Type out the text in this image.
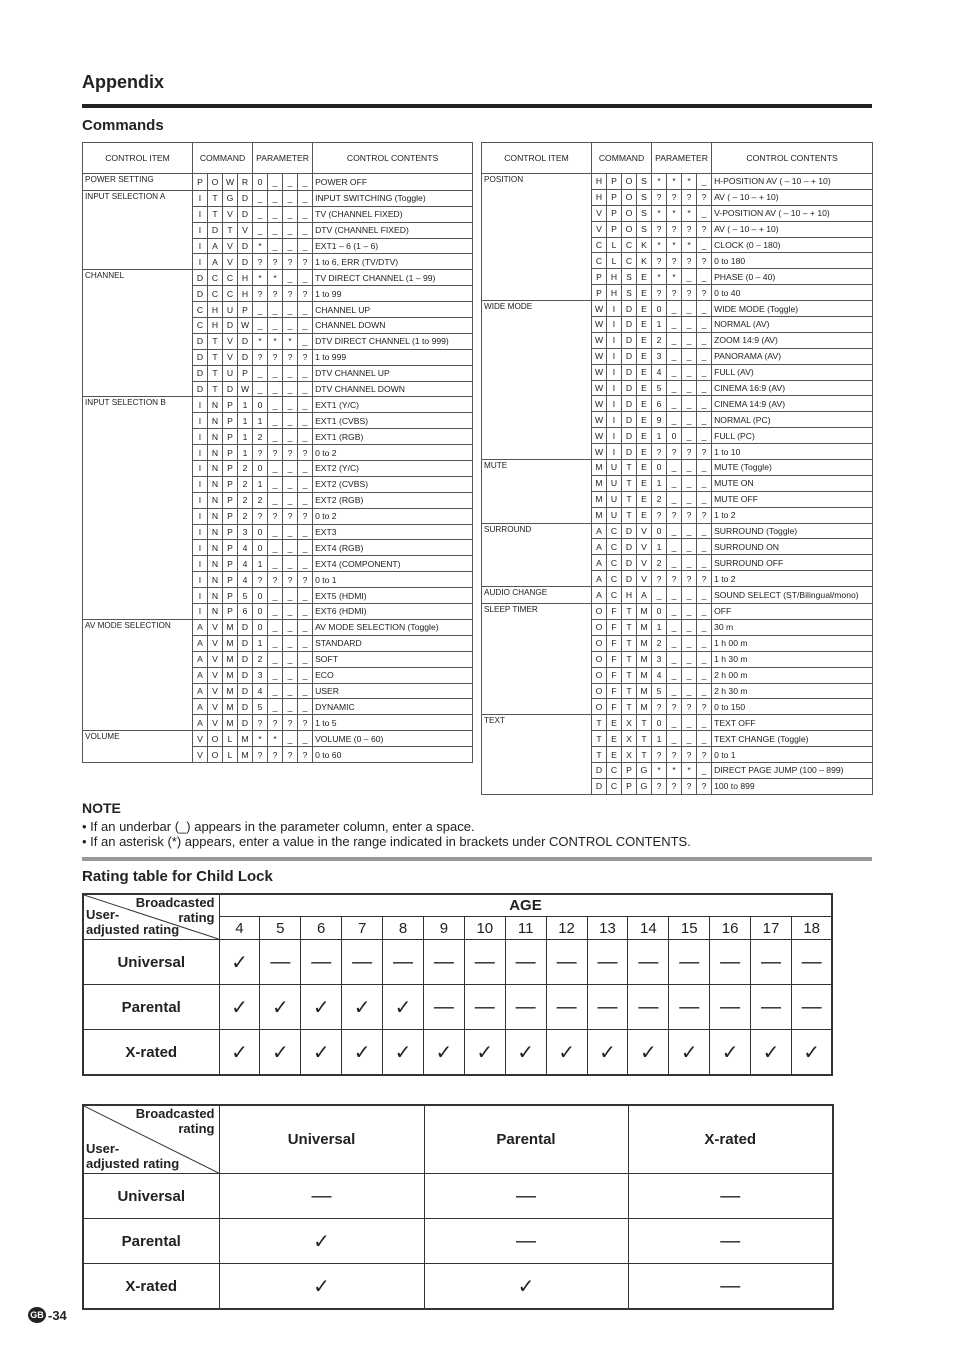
Appendix
Commands
CONTROL ITEM	COMMAND				PARAMETER				CONTROL CONTENTS
POWER SETTING	P	O	W	R	0	_	_	_	POWER OFF
INPUT SELECTION A	I	T	G	D	_	_	_	_	INPUT SWITCHING (Toggle)
	I	T	V	D	_	_	_	_	TV (CHANNEL FIXED)
	I	D	T	V	_	_	_	_	DTV (CHANNEL FIXED)
	I	A	V	D	*	_	_	_	EXT1 – 6 (1 – 6)
	I	A	V	D	?	?	?	?	1 to 6, ERR (TV/DTV)
CHANNEL	D	C	C	H	*	*	_	_	TV DIRECT CHANNEL (1 – 99)
	D	C	C	H	?	?	?	?	1 to 99
	C	H	U	P	_	_	_	_	CHANNEL UP
	C	H	D	W	_	_	_	_	CHANNEL DOWN
	D	T	V	D	*	*	*	_	DTV DIRECT CHANNEL (1 to 999)
	D	T	V	D	?	?	?	?	1 to 999
	D	T	U	P	_	_	_	_	DTV CHANNEL UP
	D	T	D	W	_	_	_	_	DTV CHANNEL DOWN
INPUT SELECTION B	I	N	P	1	0	_	_	_	EXT1 (Y/C)
	I	N	P	1	1	_	_	_	EXT1 (CVBS)
	I	N	P	1	2	_	_	_	EXT1 (RGB)
	I	N	P	1	?	?	?	?	0 to 2
	I	N	P	2	0	_	_	_	EXT2 (Y/C)
	I	N	P	2	1	_	_	_	EXT2 (CVBS)
	I	N	P	2	2	_	_	_	EXT2 (RGB)
	I	N	P	2	?	?	?	?	0 to 2
	I	N	P	3	0	_	_	_	EXT3
	I	N	P	4	0	_	_	_	EXT4 (RGB)
	I	N	P	4	1	_	_	_	EXT4 (COMPONENT)
	I	N	P	4	?	?	?	?	0 to 1
	I	N	P	5	0	_	_	_	EXT5 (HDMI)
	I	N	P	6	0	_	_	_	EXT6 (HDMI)
AV MODE SELECTION	A	V	M	D	0	_	_	_	AV MODE SELECTION (Toggle)
	A	V	M	D	1	_	_	_	STANDARD
	A	V	M	D	2	_	_	_	SOFT
	A	V	M	D	3	_	_	_	ECO
	A	V	M	D	4	_	_	_	USER
	A	V	M	D	5	_	_	_	DYNAMIC
	A	V	M	D	?	?	?	?	1 to 5
VOLUME	V	O	L	M	*	*	_	_	VOLUME (0 – 60)
	V	O	L	M	?	?	?	?	0 to 60
CONTROL ITEM	COMMAND				PARAMETER				CONTROL CONTENTS
POSITION	H	P	O	S	*	*	*	_	H-POSITION AV ( – 10 – + 10)
	H	P	O	S	?	?	?	?	AV ( – 10 – + 10)
	V	P	O	S	*	*	*	_	V-POSITION AV ( – 10 – + 10)
	V	P	O	S	?	?	?	?	AV ( – 10 – + 10)
	C	L	C	K	*	*	*	_	CLOCK (0 – 180)
	C	L	C	K	?	?	?	?	0 to 180
	P	H	S	E	*	*	_	_	PHASE (0 – 40)
	P	H	S	E	?	?	?	?	0 to 40
WIDE MODE	W	I	D	E	0	_	_	_	WIDE MODE (Toggle)
	W	I	D	E	1	_	_	_	NORMAL (AV)
	W	I	D	E	2	_	_	_	ZOOM 14:9 (AV)
	W	I	D	E	3	_	_	_	PANORAMA (AV)
	W	I	D	E	4	_	_	_	FULL (AV)
	W	I	D	E	5	_	_	_	CINEMA 16:9 (AV)
	W	I	D	E	6	_	_	_	CINEMA 14:9 (AV)
	W	I	D	E	9	_	_	_	NORMAL (PC)
	W	I	D	E	1	0	_	_	FULL (PC)
	W	I	D	E	?	?	?	?	1 to 10
MUTE	M	U	T	E	0	_	_	_	MUTE (Toggle)
	M	U	T	E	1	_	_	_	MUTE ON
	M	U	T	E	2	_	_	_	MUTE OFF
	M	U	T	E	?	?	?	?	1 to 2
SURROUND	A	C	D	V	0	_	_	_	SURROUND (Toggle)
	A	C	D	V	1	_	_	_	SURROUND ON
	A	C	D	V	2	_	_	_	SURROUND OFF
	A	C	D	V	?	?	?	?	1 to 2
AUDIO CHANGE	A	C	H	A	_	_	_	_	SOUND SELECT (ST/Bilingual/mono)
SLEEP TIMER	O	F	T	M	0	_	_	_	OFF
	O	F	T	M	1	_	_	_	30 m
	O	F	T	M	2	_	_	_	1 h 00 m
	O	F	T	M	3	_	_	_	1 h 30 m
	O	F	T	M	4	_	_	_	2 h 00 m
	O	F	T	M	5	_	_	_	2 h 30 m
	O	F	T	M	?	?	?	?	0 to 150
TEXT	T	E	X	T	0	_	_	_	TEXT OFF
	T	E	X	T	1	_	_	_	TEXT CHANGE (Toggle)
	T	E	X	T	?	?	?	?	0 to 1
	D	C	P	G	*	*	*	_	DIRECT PAGE JUMP (100 – 899)
	D	C	P	G	?	?	?	?	100 to 899
NOTE
• If an underbar (_) appears in the parameter column, enter a space.
• If an asterisk (*) appears, enter a value in the range indicated in brackets under CONTROL CONTENTS.
Rating table for Child Lock
Broadcasted
rating
User-
adjusted rating	AGE														
	4	5	6	7	8	9	10	11	12	13	14	15	16	17	18
Universal	✓	—	—	—	—	—	—	—	—	—	—	—	—	—	—
Parental	✓	✓	✓	✓	✓	—	—	—	—	—	—	—	—	—	—
X-rated	✓	✓	✓	✓	✓	✓	✓	✓	✓	✓	✓	✓	✓	✓	✓
Broadcasted
rating
User-
adjusted rating	Universal	Parental	X-rated
Universal	—	—	—
Parental	✓	—	—
X-rated	✓	✓	—
GB -34
